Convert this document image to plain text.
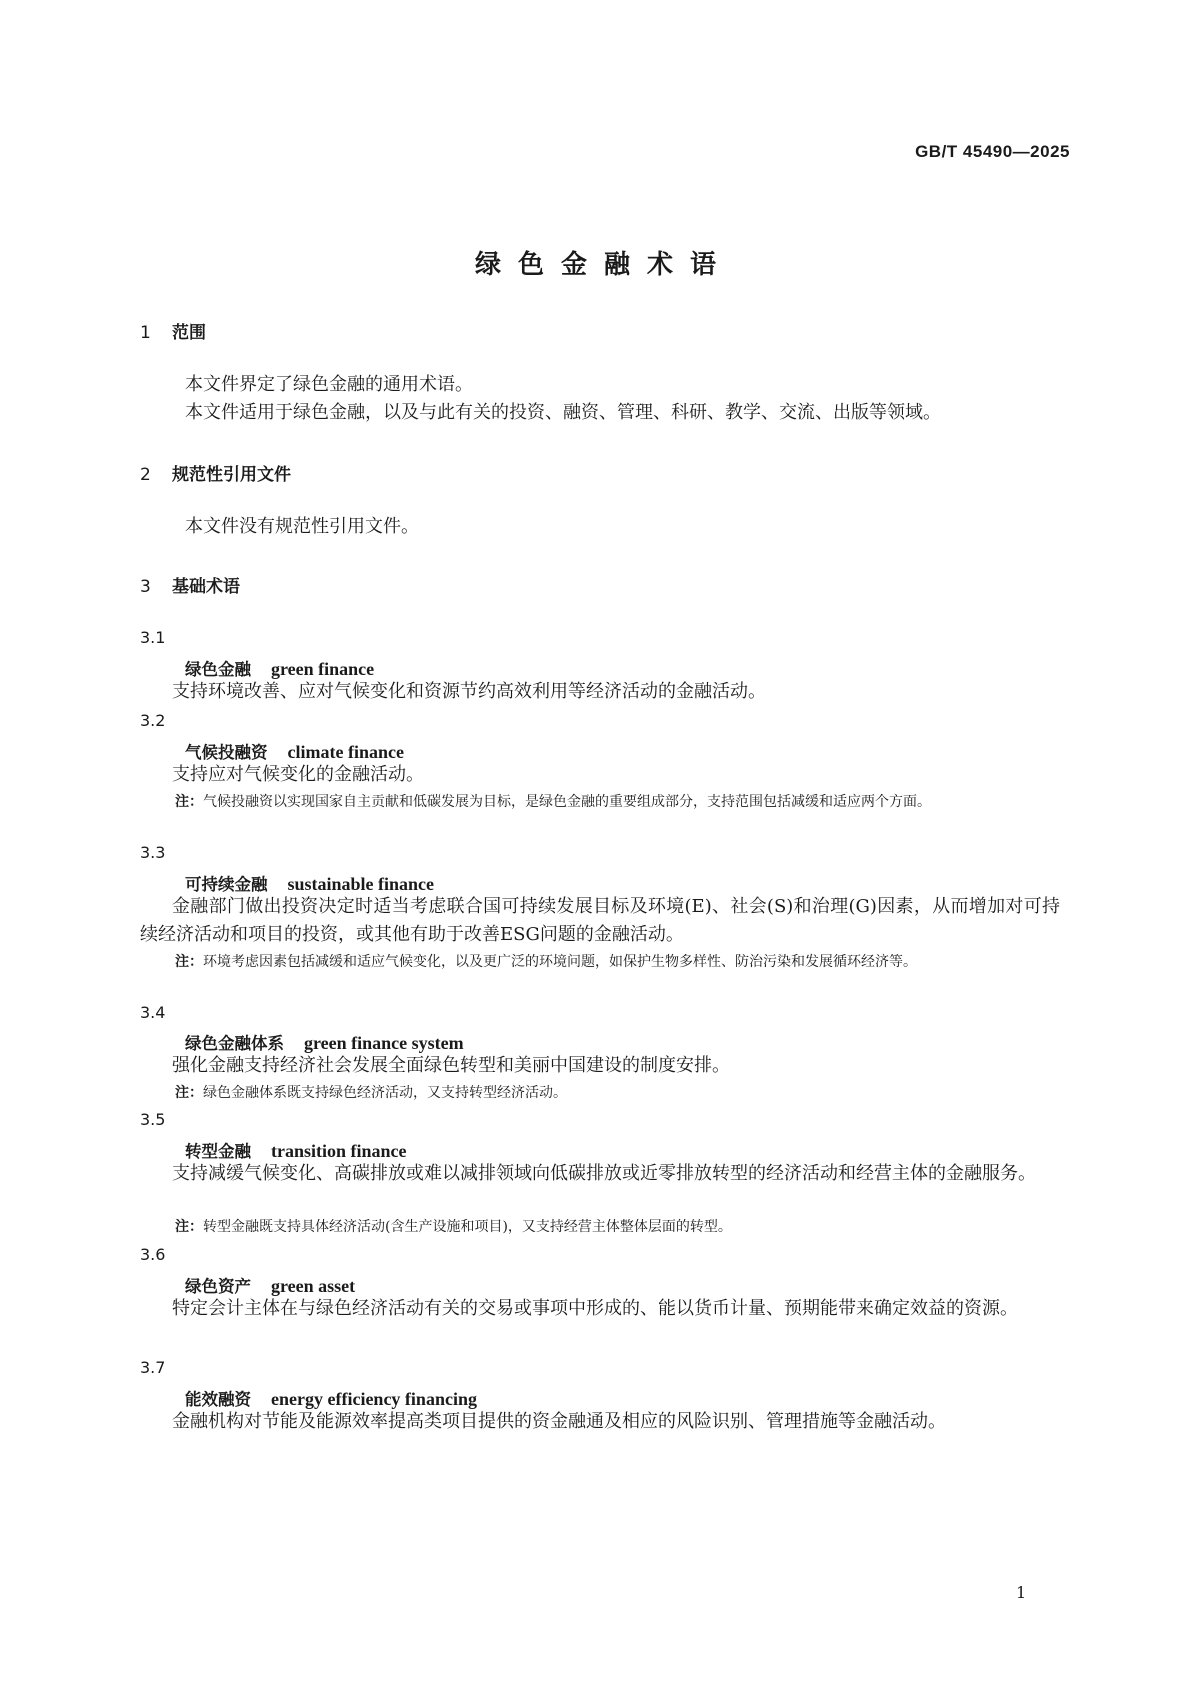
GB/T 45490—2025
绿色金融术语
1 范围

本文件界定了绿色金融的通用术语。

本文件适用于绿色金融，以及与此有关的投资、融资、管理、科研、教学、交流、出版等领域。

2 规范性引用文件

本文件没有规范性引用文件。

3 基础术语
3.1
绿色金融 green finance

支持环境改善、应对气候变化和资源节约高效利用等经济活动的金融活动。

3.2
气候投融资 climate finance

支持应对气候变化的金融活动。

注：气候投融资以实现国家自主贡献和低碳发展为目标，是绿色金融的重要组成部分，支持范围包括减缓和适应两个方面。

3.3
可持续金融 sustainable finance

金融部门做出投资决定时适当考虑联合国可持续发展目标及环境(E)、社会(S)和治理(G)因素，从而增加对可持续经济活动和项目的投资，或其他有助于改善ESG问题的金融活动。

注：环境考虑因素包括减缓和适应气候变化，以及更广泛的环境问题，如保护生物多样性、防治污染和发展循环经济等。

3.4
绿色金融体系 green finance system

强化金融支持经济社会发展全面绿色转型和美丽中国建设的制度安排。

注：绿色金融体系既支持绿色经济活动，又支持转型经济活动。

3.5
转型金融 transition finance

支持减缓气候变化、高碳排放或难以减排领域向低碳排放或近零排放转型的经济活动和经营主体的金融服务。

注：转型金融既支持具体经济活动(含生产设施和项目)，又支持经营主体整体层面的转型。

3.6
绿色资产 green asset

特定会计主体在与绿色经济活动有关的交易或事项中形成的、能以货币计量、预期能带来确定效益的资源。

3.7
能效融资 energy efficiency financing

金融机构对节能及能源效率提高类项目提供的资金融通及相应的风险识别、管理措施等金融活动。

1
